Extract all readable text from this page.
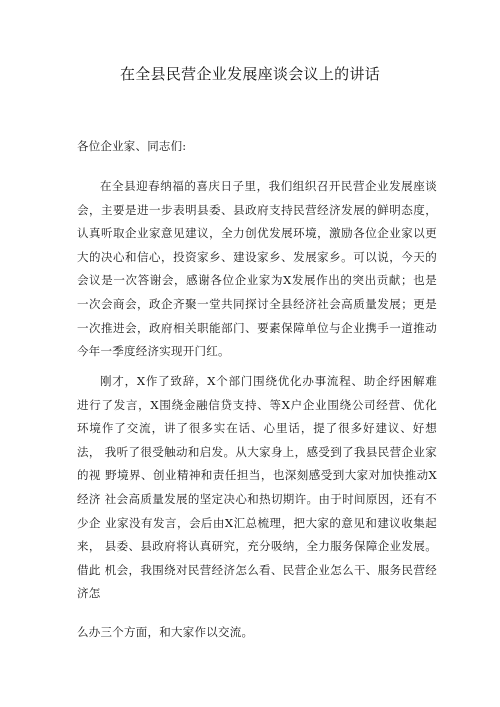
在全县民营企业发展座谈会议上的讲话
各位企业家、同志们:

在全县迎春纳福的喜庆日子里，我们组织召开民营企业发展座谈 会，主要是进一步表明县委、县政府支持民营经济发展的鲜明态度，认真听取企业家意见建议，全力创优发展环境，激励各位企业家以更 大的决心和信心，投资家乡、建设家乡、发展家乡。可以说，今天的 会议是一次答谢会，感谢各位企业家为X发展作出的突出贡献；也是 一次会商会，政企齐聚一堂共同探讨全县经济社会高质量发展；更是 一次推进会，政府相关职能部门、要素保障单位与企业携手一道推动 今年一季度经济实现开门红。

刚才，X作了致辞，X个部门围绕优化办事流程、助企纾困解难 进行了发言，X围绕金融信贷支持、等X户企业围绕公司经营、优化 环境作了交流，讲了很多实在话、心里话，提了很多好建议、好想法， 我听了很受触动和启发。从大家身上，感受到了我县民营企业家的视 野境界、创业精神和责任担当，也深刻感受到大家对加快推动X经济 社会高质量发展的坚定决心和热切期许。由于时间原因，还有不少企 业家没有发言，会后由X汇总梳理，把大家的意见和建议收集起来， 县委、县政府将认真研究，充分吸纳，全力服务保障企业发展。借此 机会，我围绕对民营经济怎么看、民营企业怎么干、服务民营经济怎

么办三个方面，和大家作以交流。
